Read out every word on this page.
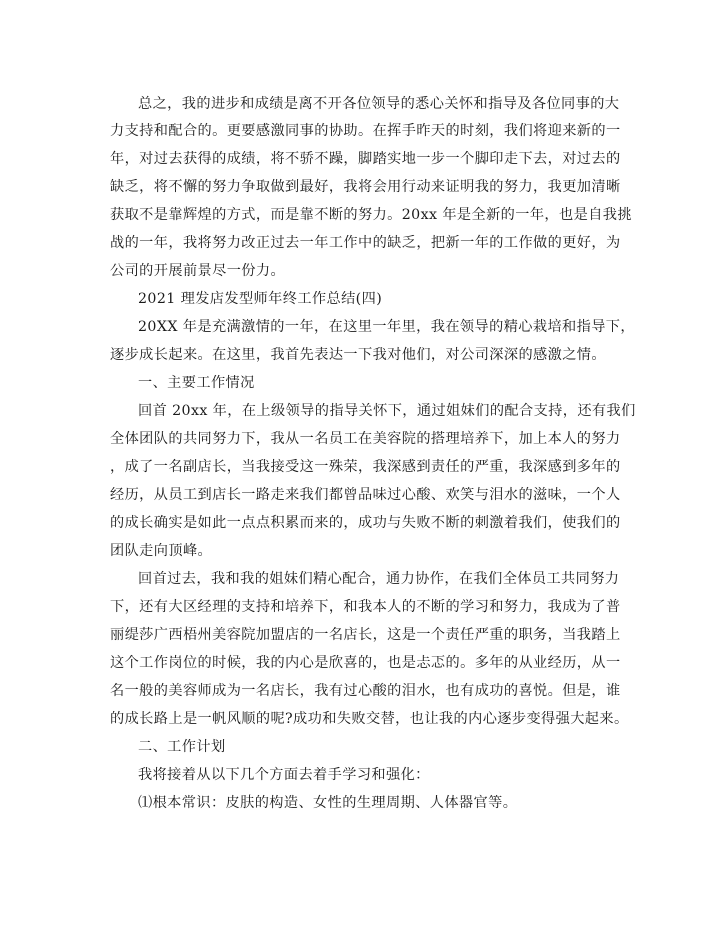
总之，我的进步和成绩是离不开各位领导的悉心关怀和指导及各位同事的大
力支持和配合的。更要感激同事的协助。在挥手昨天的时刻，我们将迎来新的一
年，对过去获得的成绩，将不骄不躁，脚踏实地一步一个脚印走下去，对过去的
缺乏，将不懈的努力争取做到最好，我将会用行动来证明我的努力，我更加清晰
获取不是靠辉煌的方式，而是靠不断的努力。20xx 年是全新的一年，也是自我挑
战的一年，我将努力改正过去一年工作中的缺乏，把新一年的工作做的更好，为
公司的开展前景尽一份力。
2021 理发店发型师年终工作总结(四)
20XX 年是充满激情的一年，在这里一年里，我在领导的精心栽培和指导下，
逐步成长起来。在这里，我首先表达一下我对他们，对公司深深的感激之情。
一、主要工作情况
回首 20xx 年，在上级领导的指导关怀下，通过姐妹们的配合支持，还有我们
全体团队的共同努力下，我从一名员工在美容院的搭理培养下，加上本人的努力
，成了一名副店长，当我接受这一殊荣，我深感到责任的严重，我深感到多年的
经历，从员工到店长一路走来我们都曾品味过心酸、欢笑与泪水的滋味，一个人
的成长确实是如此一点点积累而来的，成功与失败不断的刺激着我们，使我们的
团队走向顶峰。
回首过去，我和我的姐妹们精心配合，通力协作，在我们全体员工共同努力
下，还有大区经理的支持和培养下，和我本人的不断的学习和努力，我成为了普
丽缇莎广西梧州美容院加盟店的一名店长，这是一个责任严重的职务，当我踏上
这个工作岗位的时候，我的内心是欣喜的，也是忐忑的。多年的从业经历，从一
名一般的美容师成为一名店长，我有过心酸的泪水，也有成功的喜悦。但是，谁
的成长路上是一帆风顺的呢?成功和失败交替，也让我的内心逐步变得强大起来。
二、工作计划
我将接着从以下几个方面去着手学习和强化：
⑴根本常识：皮肤的构造、女性的生理周期、人体器官等。
